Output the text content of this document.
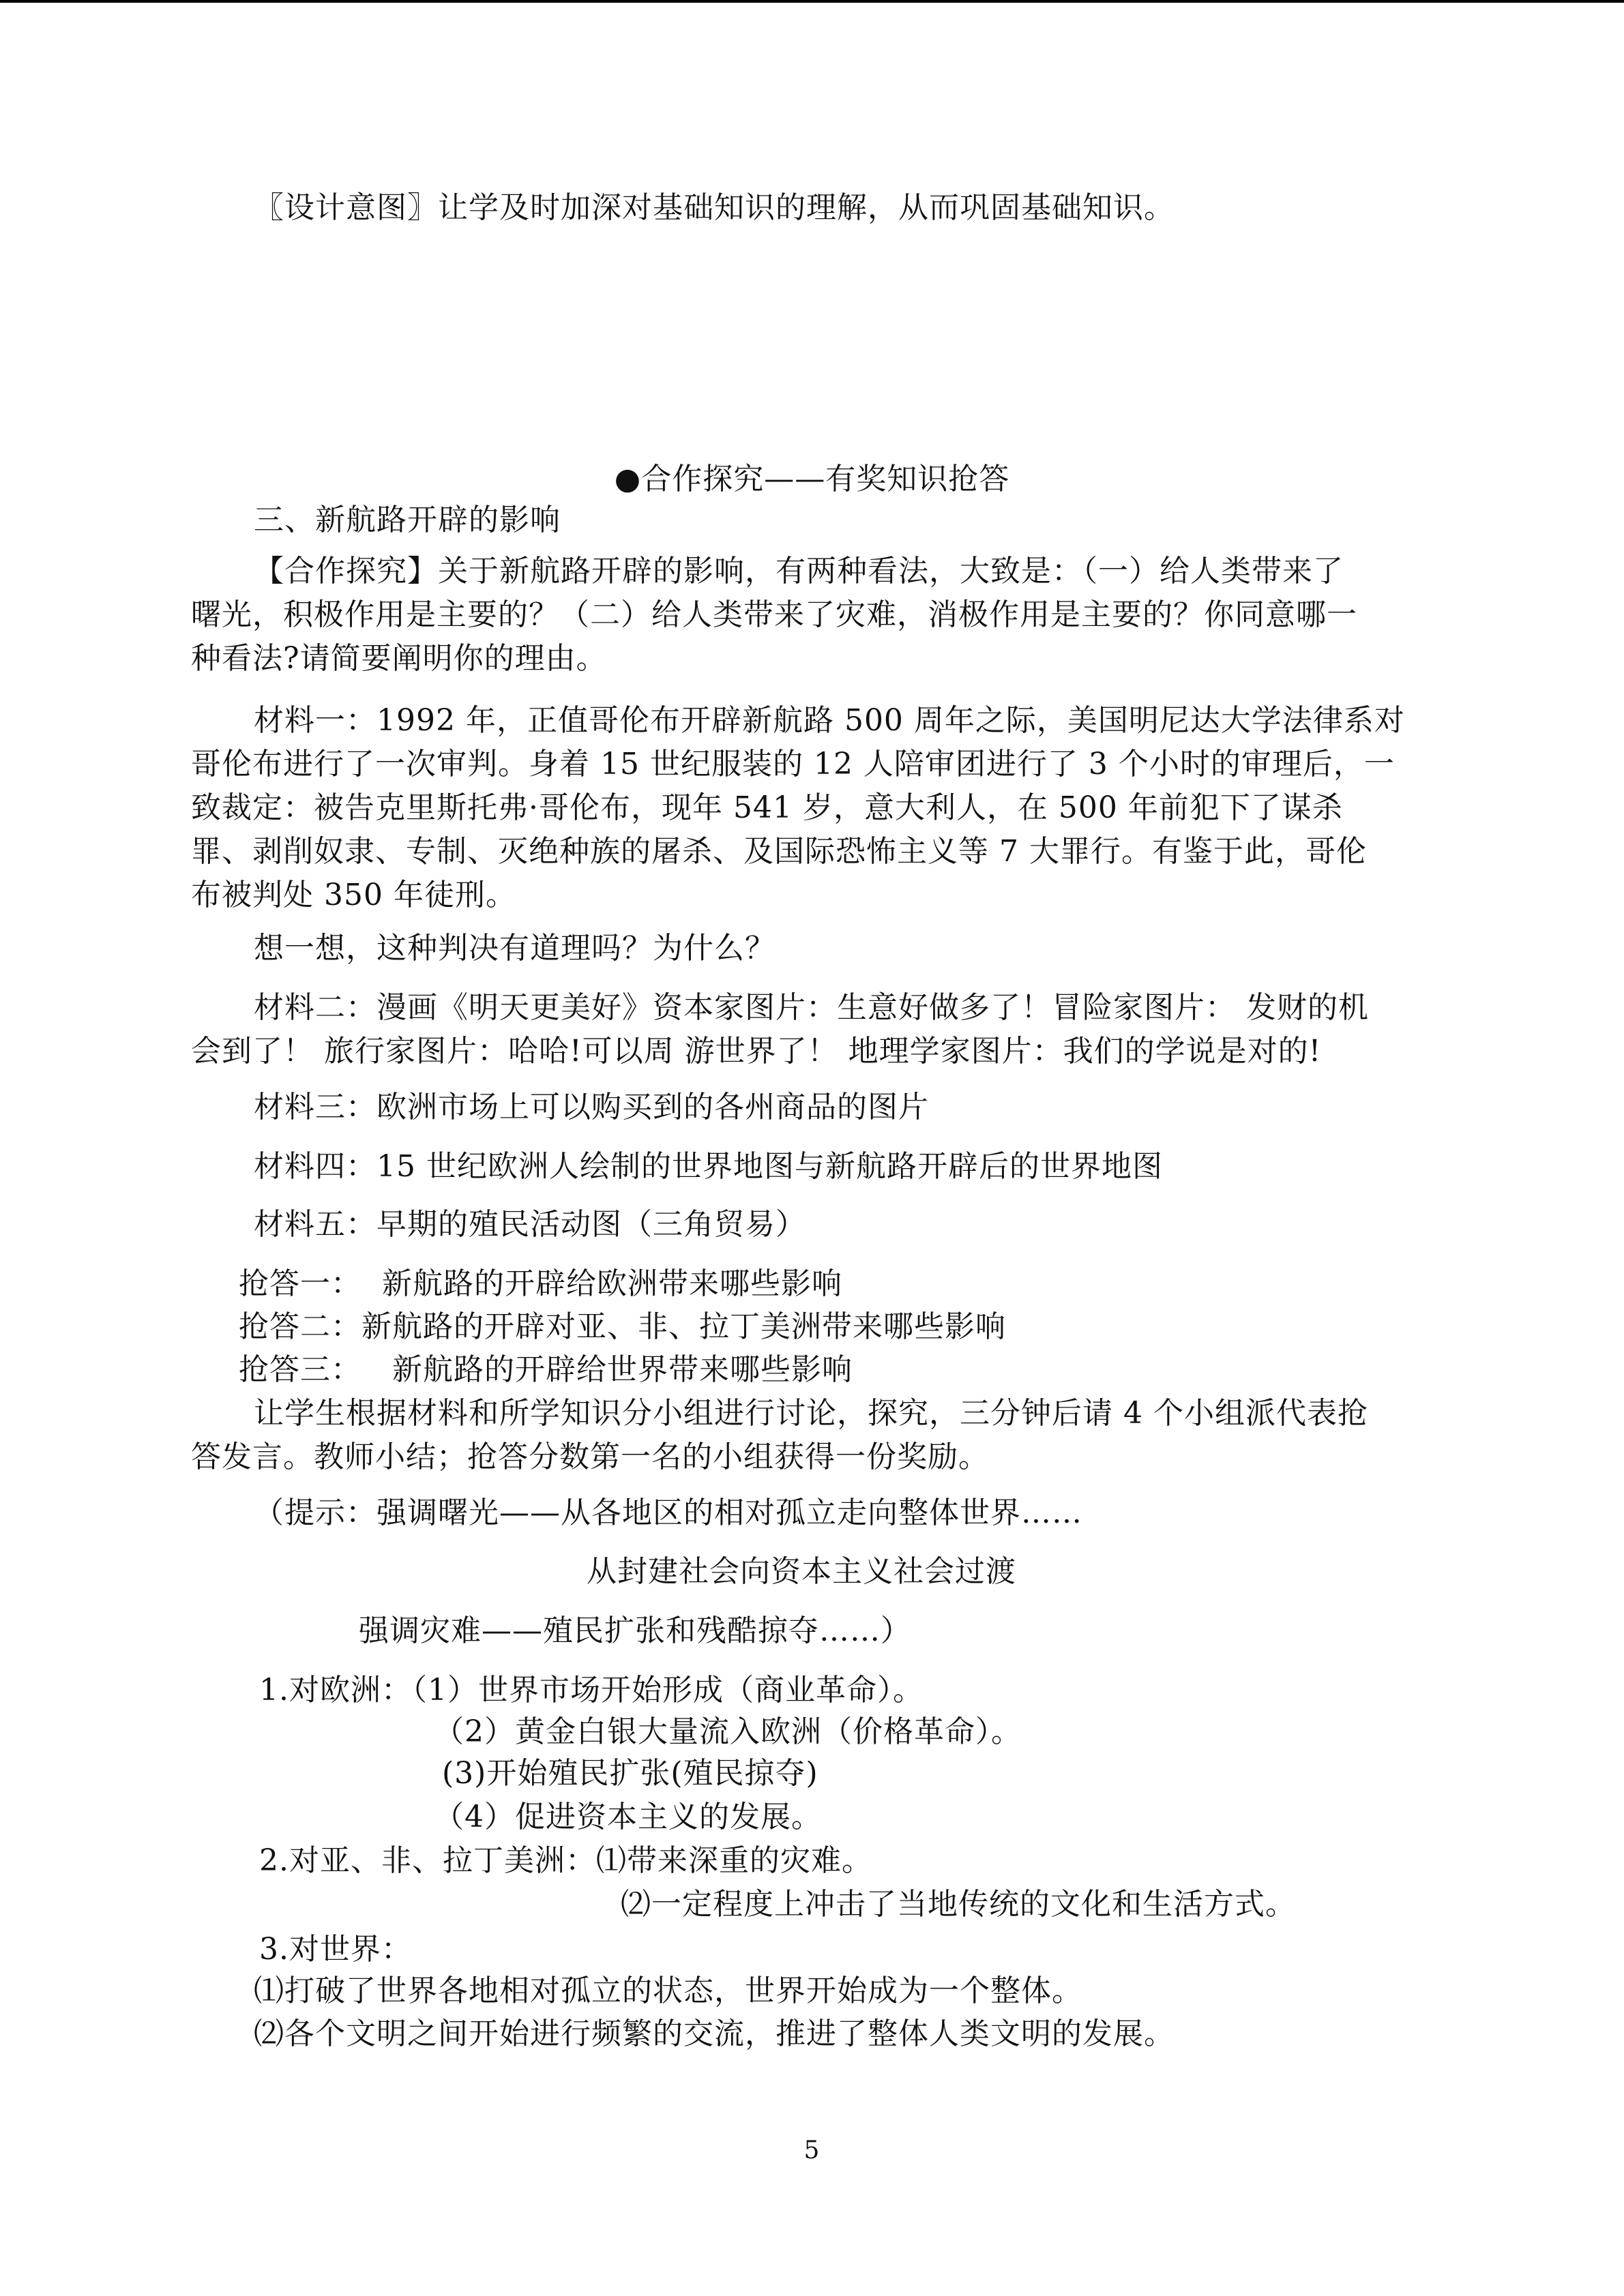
〖设计意图〗让学及时加深对基础知识的理解，从而巩固基础知识。
●合作探究——有奖知识抢答
三、新航路开辟的影响
【合作探究】关于新航路开辟的影响，有两种看法，大致是：（一）给人类带来了
曙光，积极作用是主要的？（二）给人类带来了灾难，消极作用是主要的？你同意哪一
种看法?请简要阐明你的理由。
材料一：1992 年，正值哥伦布开辟新航路 500 周年之际，美国明尼达大学法律系对
哥伦布进行了一次审判。身着 15 世纪服装的 12 人陪审团进行了 3 个小时的审理后，一
致裁定：被告克里斯托弗·哥伦布，现年 541 岁，意大利人，在 500 年前犯下了谋杀
罪、剥削奴隶、专制、灭绝种族的屠杀、及国际恐怖主义等 7 大罪行。有鉴于此，哥伦
布被判处 350 年徒刑。
想一想，这种判决有道理吗？为什么？
材料二：漫画《明天更美好》资本家图片：生意好做多了！冒险家图片： 发财的机
会到了！ 旅行家图片：哈哈!可以周 游世界了！ 地理学家图片：我们的学说是对的!
材料三：欧洲市场上可以购买到的各州商品的图片
材料四：15 世纪欧洲人绘制的世界地图与新航路开辟后的世界地图
材料五：早期的殖民活动图（三角贸易）
抢答一：  新航路的开辟给欧洲带来哪些影响
抢答二：新航路的开辟对亚、非、拉丁美洲带来哪些影响
抢答三：   新航路的开辟给世界带来哪些影响
让学生根据材料和所学知识分小组进行讨论，探究，三分钟后请 4 个小组派代表抢
答发言。教师小结；抢答分数第一名的小组获得一份奖励。
（提示：强调曙光——从各地区的相对孤立走向整体世界……
从封建社会向资本主义社会过渡
强调灾难——殖民扩张和残酷掠夺……）
1.对欧洲：（1）世界市场开始形成（商业革命）。
（2）黄金白银大量流入欧洲（价格革命）。
(3)开始殖民扩张(殖民掠夺)
（4）促进资本主义的发展。
2.对亚、非、拉丁美洲：⑴带来深重的灾难。
⑵一定程度上冲击了当地传统的文化和生活方式。
3.对世界：
⑴打破了世界各地相对孤立的状态，世界开始成为一个整体。
⑵各个文明之间开始进行频繁的交流，推进了整体人类文明的发展。
5
